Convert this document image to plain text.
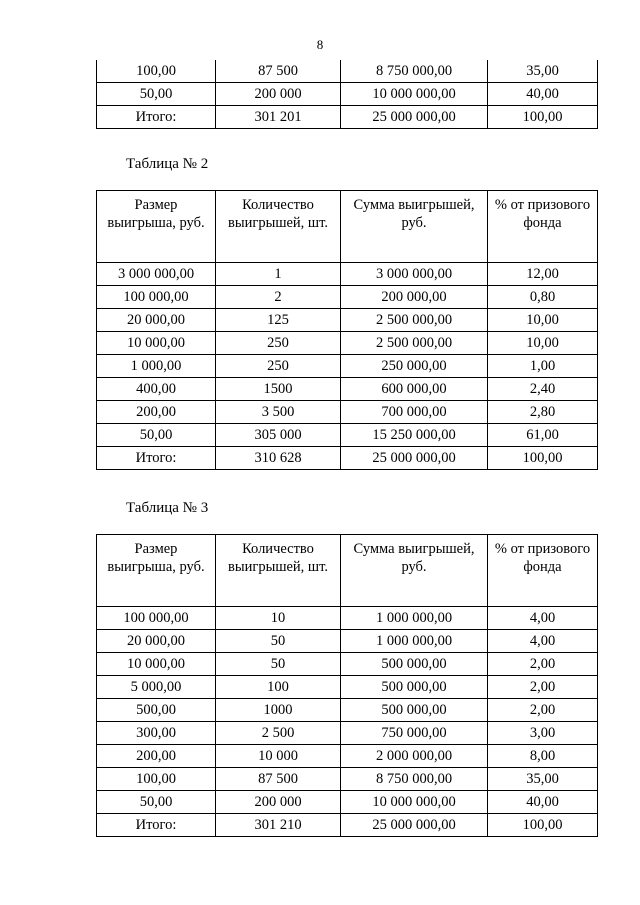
8
100,00	87 500	8 750 000,00	35,00
50,00	200 000	10 000 000,00	40,00
Итого:	301 201	25 000 000,00	100,00
Таблица № 2
Размер выигрыша, руб.	Количество выигрышей, шт.	Сумма выигрышей, руб.	% от призового фонда
3 000 000,00	1	3 000 000,00	12,00
100 000,00	2	200 000,00	0,80
20 000,00	125	2 500 000,00	10,00
10 000,00	250	2 500 000,00	10,00
1 000,00	250	250 000,00	1,00
400,00	1500	600 000,00	2,40
200,00	3 500	700 000,00	2,80
50,00	305 000	15 250 000,00	61,00
Итого:	310 628	25 000 000,00	100,00
Таблица № 3
Размер выигрыша, руб.	Количество выигрышей, шт.	Сумма выигрышей, руб.	% от призового фонда
100 000,00	10	1 000 000,00	4,00
20 000,00	50	1 000 000,00	4,00
10 000,00	50	500 000,00	2,00
5 000,00	100	500 000,00	2,00
500,00	1000	500 000,00	2,00
300,00	2 500	750 000,00	3,00
200,00	10 000	2 000 000,00	8,00
100,00	87 500	8 750 000,00	35,00
50,00	200 000	10 000 000,00	40,00
Итого:	301 210	25 000 000,00	100,00
